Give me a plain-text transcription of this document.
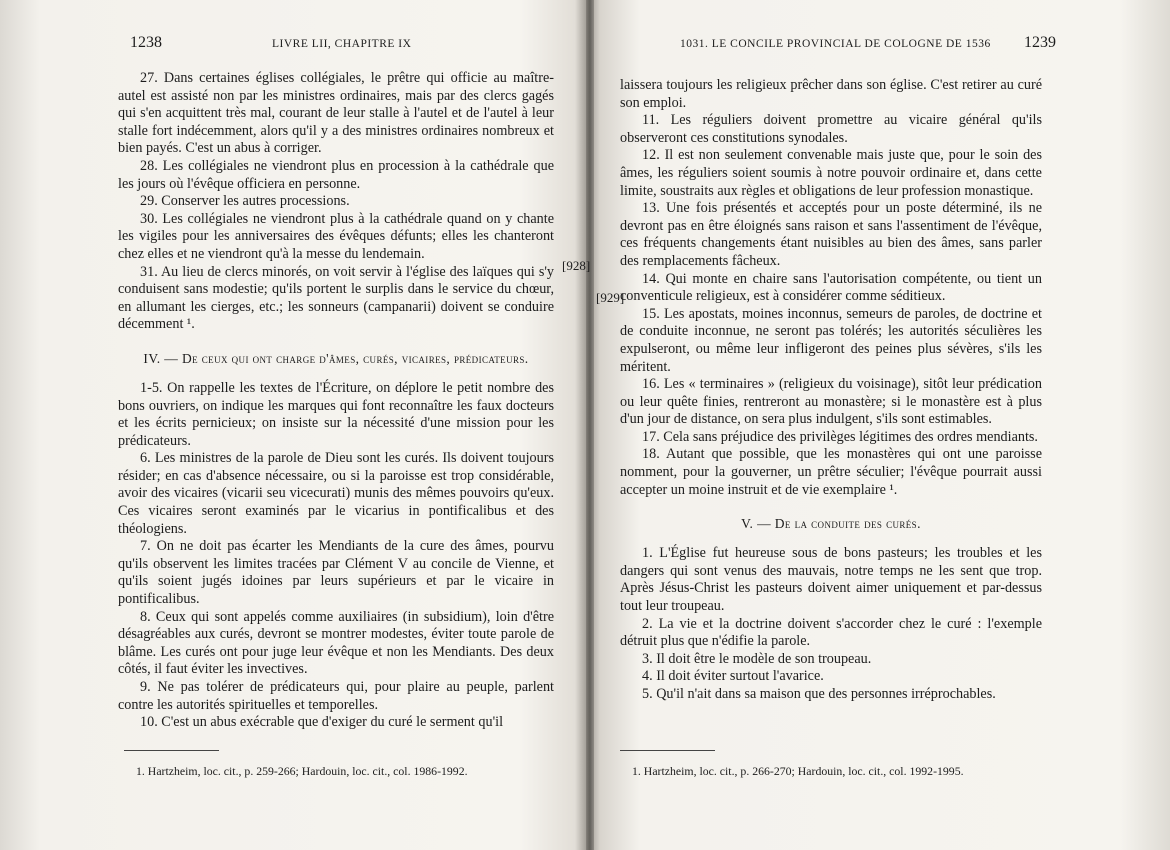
1238	LIVRE LII, CHAPITRE IX

27. Dans certaines églises collégiales, le prêtre qui officie au maître-autel est assisté non par les ministres ordinaires, mais par des clercs gagés qui s'en acquittent très mal, courant de leur stalle à l'autel et de l'autel à leur stalle fort indécemment, alors qu'il y a des ministres ordinaires nombreux et bien payés. C'est un abus à corriger.

28. Les collégiales ne viendront plus en procession à la cathédrale que les jours où l'évêque officiera en personne.

29. Conserver les autres processions.

30. Les collégiales ne viendront plus à la cathédrale quand on y chante les vigiles pour les anniversaires des évêques défunts; elles les chanteront chez elles et ne viendront qu'à la messe du lendemain.

31. Au lieu de clercs minorés, on voit servir à l'église des laïques qui s'y conduisent sans modestie; qu'ils portent le surplis dans le service du chœur, en allumant les cierges, etc.; les sonneurs (campanarii) doivent se conduire décemment ¹.

IV. — De ceux qui ont charge d'âmes, curés, vicaires, prédicateurs.

1-5. On rappelle les textes de l'Écriture, on déplore le petit nombre des bons ouvriers, on indique les marques qui font reconnaître les faux docteurs et les écrits pernicieux; on insiste sur la nécessité d'une mission pour les prédicateurs.

6. Les ministres de la parole de Dieu sont les curés. Ils doivent toujours résider; en cas d'absence nécessaire, ou si la paroisse est trop considérable, avoir des vicaires (vicarii seu vicecurati) munis des mêmes pouvoirs qu'eux. Ces vicaires seront examinés par le vicarius in pontificalibus et des théologiens.

7. On ne doit pas écarter les Mendiants de la cure des âmes, pourvu qu'ils observent les limites tracées par Clément V au concile de Vienne, et qu'ils soient jugés idoines par leurs supérieurs et par le vicaire in pontificalibus.

8. Ceux qui sont appelés comme auxiliaires (in subsidium), loin d'être désagréables aux curés, devront se montrer modestes, éviter toute parole de blâme. Les curés ont pour juge leur évêque et non les Mendiants. Des deux côtés, il faut éviter les invectives.

9. Ne pas tolérer de prédicateurs qui, pour plaire au peuple, parlent contre les autorités spirituelles et temporelles.

10. C'est un abus exécrable que d'exiger du curé le serment qu'il

1. Hartzheim, loc. cit., p. 259-266; Hardouin, loc. cit., col. 1986-1992.
[928]
[929]
1031. LE CONCILE PROVINCIAL DE COLOGNE DE 1536 1239

laissera toujours les religieux prêcher dans son église. C'est retirer au curé son emploi.

11. Les réguliers doivent promettre au vicaire général qu'ils observeront ces constitutions synodales.

12. Il est non seulement convenable mais juste que, pour le soin des âmes, les réguliers soient soumis à notre pouvoir ordinaire et, dans cette limite, soustraits aux règles et obligations de leur profession monastique.

13. Une fois présentés et acceptés pour un poste déterminé, ils ne devront pas en être éloignés sans raison et sans l'assentiment de l'évêque, ces fréquents changements étant nuisibles au bien des âmes, sans parler des remplacements fâcheux.

14. Qui monte en chaire sans l'autorisation compétente, ou tient un conventicule religieux, est à considérer comme séditieux.

15. Les apostats, moines inconnus, semeurs de paroles, de doctrine et de conduite inconnue, ne seront pas tolérés; les autorités séculières les expulseront, ou même leur infligeront des peines plus sévères, s'ils les méritent.

16. Les « terminaires » (religieux du voisinage), sitôt leur prédication ou leur quête finies, rentreront au monastère; si le monastère est à plus d'un jour de distance, on sera plus indulgent, s'ils sont estimables.

17. Cela sans préjudice des privilèges légitimes des ordres mendiants.

18. Autant que possible, que les monastères qui ont une paroisse nomment, pour la gouverner, un prêtre séculier; l'évêque pourrait aussi accepter un moine instruit et de vie exemplaire ¹.

V. — De la conduite des curés.

1. L'Église fut heureuse sous de bons pasteurs; les troubles et les dangers qui sont venus des mauvais, notre temps ne les sent que trop. Après Jésus-Christ les pasteurs doivent aimer uniquement et par-dessus tout leur troupeau.

2. La vie et la doctrine doivent s'accorder chez le curé : l'exemple détruit plus que n'édifie la parole.

3. Il doit être le modèle de son troupeau.

4. Il doit éviter surtout l'avarice.

5. Qu'il n'ait dans sa maison que des personnes irréprochables.

1. Hartzheim, loc. cit., p. 266-270; Hardouin, loc. cit., col. 1992-1995.
